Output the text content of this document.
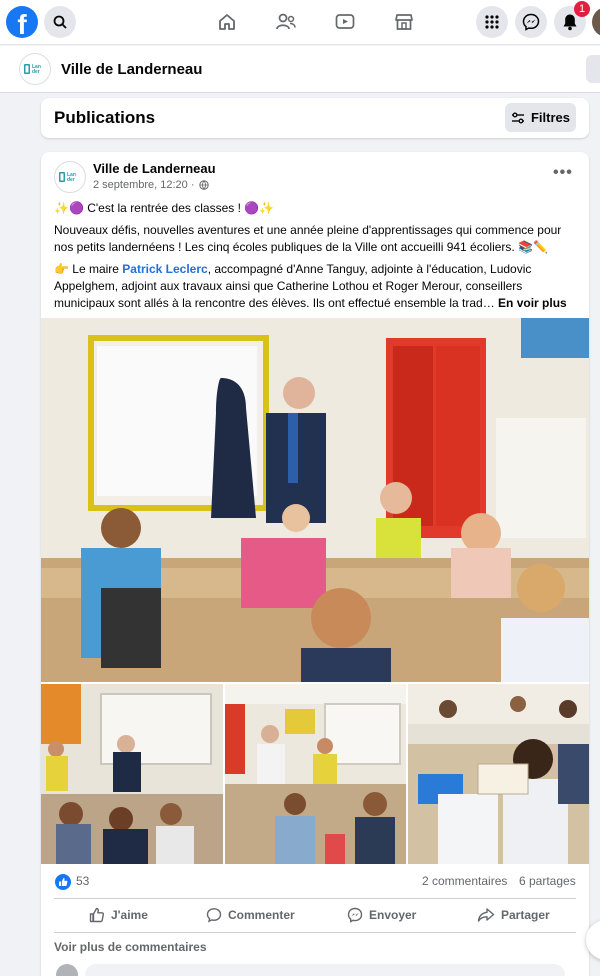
f	1
Lan
der Ville de Landerneau
Publications	Filtres
Lan
der
Ville de Landerneau
2 septembre, 12:20 ·
•••

✨🟣 C'est la rentrée des classes ! 🟣✨

Nouveaux défis, nouvelles aventures et une année pleine d'apprentissages qui commence pour nos petits landernéens ! Les cinq écoles publiques de la Ville ont accueilli 941 écoliers. 📚✏️

👉 Le maire Patrick Leclerc, accompagné d'Anne Tanguy, adjointe à l'éducation, Ludovic Appelghem, adjoint aux travaux ainsi que Catherine Lothou et Roger Merour, conseillers municipaux sont allés à la rencontre des élèves. Ils ont effectué ensemble la trad… En voir plus

53	2 commentaires 6 partages
J'aime	Commenter	Envoyer	Partager
Voir plus de commentaires
